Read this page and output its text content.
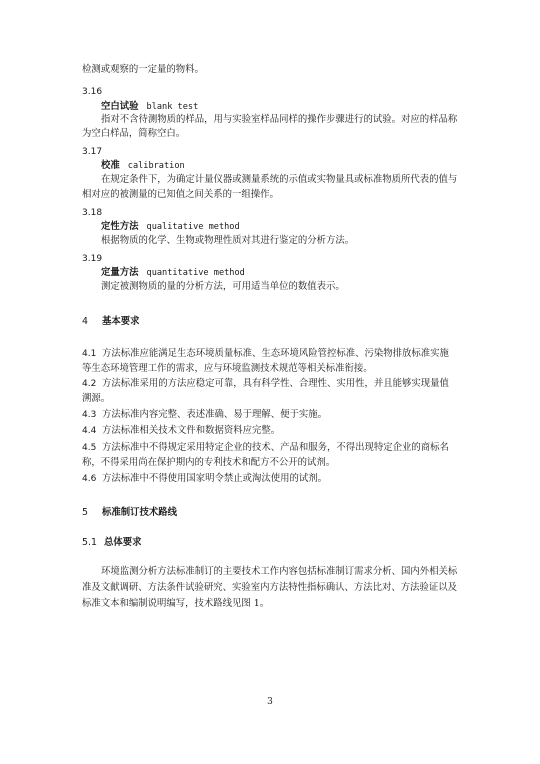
检测或观察的一定量的物料。
3.16
空白试验 blank test
指对不含待测物质的样品，用与实验室样品同样的操作步骤进行的试验。对应的样品称
为空白样品，简称空白。
3.17
校准 calibration
在规定条件下，为确定计量仪器或测量系统的示值或实物量具或标准物质所代表的值与
相对应的被测量的已知值之间关系的一组操作。
3.18
定性方法 qualitative method
根据物质的化学、生物或物理性质对其进行鉴定的分析方法。
3.19
定量方法 quantitative method
测定被测物质的量的分析方法，可用适当单位的数值表示。
4 基本要求
4.1 方法标准应能满足生态环境质量标准、生态环境风险管控标准、污染物排放标准实施
等生态环境管理工作的需求，应与环境监测技术规范等相关标准衔接。
4.2 方法标准采用的方法应稳定可靠，具有科学性、合理性、实用性，并且能够实现量值
溯源。
4.3 方法标准内容完整、表述准确、易于理解、便于实施。
4.4 方法标准相关技术文件和数据资料应完整。
4.5 方法标准中不得规定采用特定企业的技术、产品和服务，不得出现特定企业的商标名
称，不得采用尚在保护期内的专利技术和配方不公开的试剂。
4.6 方法标准中不得使用国家明令禁止或淘汰使用的试剂。
5 标准制订技术路线
5.1 总体要求
环境监测分析方法标准制订的主要技术工作内容包括标准制订需求分析、国内外相关标
准及文献调研、方法条件试验研究、实验室内方法特性指标确认、方法比对、方法验证以及
标准文本和编制说明编写，技术路线见图 1。
3
